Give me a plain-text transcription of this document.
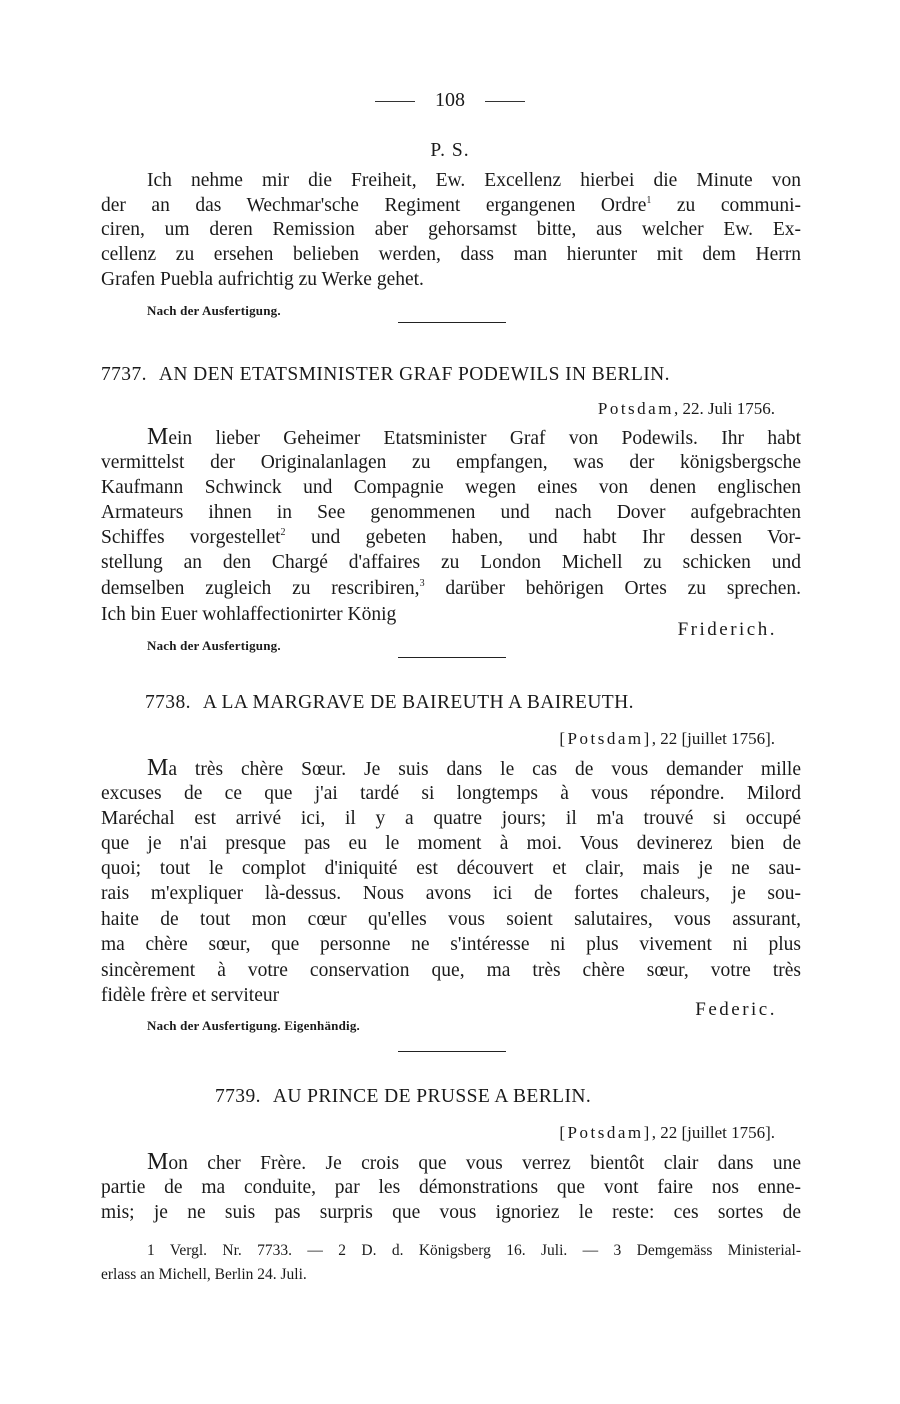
108
P. S.
Ich nehme mir die Freiheit, Ew. Excellenz hierbei die Minute von
der an das Wechmar'sche Regiment ergangenen Ordre$^1$ zu communi-
ciren, um deren Remission aber gehorsamst bitte, aus welcher Ew. Ex-
cellenz zu ersehen belieben werden, dass man hierunter mit dem Herrn
Grafen Puebla aufrichtig zu Werke gehet.
Nach der Ausfertigung.
7737. AN DEN ETATSMINISTER GRAF PODEWILS IN BERLIN.
Potsdam, 22. Juli 1756.
Mein lieber Geheimer Etatsminister Graf von Podewils. Ihr habt
vermittelst der Originalanlagen zu empfangen, was der königsbergsche
Kaufmann Schwinck und Compagnie wegen eines von denen englischen
Armateurs ihnen in See genommenen und nach Dover aufgebrachten
Schiffes vorgestellet$^2$ und gebeten haben, und habt Ihr dessen Vor-
stellung an den Chargé d'affaires zu London Michell zu schicken und
demselben zugleich zu rescribiren,$^3$ darüber behörigen Ortes zu sprechen.
Ich bin Euer wohlaffectionirter König
Friderich.
Nach der Ausfertigung.
7738. A LA MARGRAVE DE BAIREUTH A BAIREUTH.
[Potsdam], 22 [juillet 1756].
Ma très chère Sœur. Je suis dans le cas de vous demander mille
excuses de ce que j'ai tardé si longtemps à vous répondre. Milord
Maréchal est arrivé ici, il y a quatre jours; il m'a trouvé si occupé
que je n'ai presque pas eu le moment à moi. Vous devinerez bien de
quoi; tout le complot d'iniquité est découvert et clair, mais je ne sau-
rais m'expliquer là-dessus. Nous avons ici de fortes chaleurs, je sou-
haite de tout mon cœur qu'elles vous soient salutaires, vous assurant,
ma chère sœur, que personne ne s'intéresse ni plus vivement ni plus
sincèrement à votre conservation que, ma très chère sœur, votre très
fidèle frère et serviteur
Federic.
Nach der Ausfertigung. Eigenhändig.
7739. AU PRINCE DE PRUSSE A BERLIN.
[Potsdam], 22 [juillet 1756].
Mon cher Frère. Je crois que vous verrez bientôt clair dans une
partie de ma conduite, par les démonstrations que vont faire nos enne-
mis; je ne suis pas surpris que vous ignoriez le reste: ces sortes de
1 Vergl. Nr. 7733. — 2 D. d. Königsberg 16. Juli. — 3 Demgemäss Ministerial-
erlass an Michell, Berlin 24. Juli.
